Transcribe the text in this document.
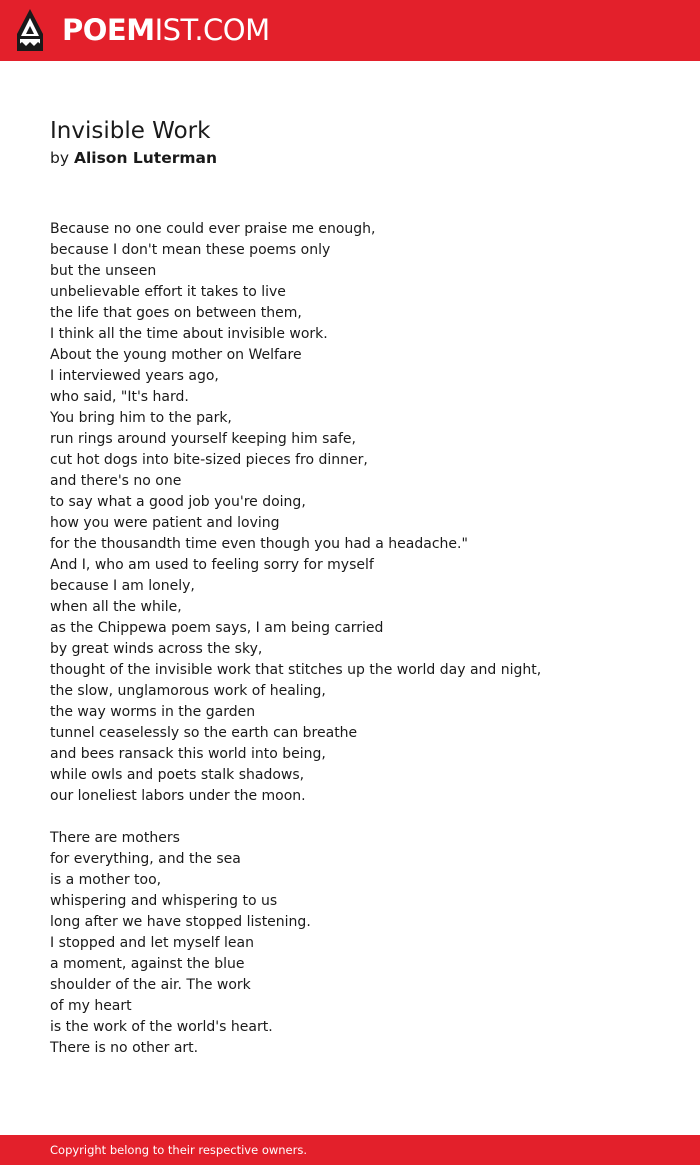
POEMIST.COM
Invisible Work
by Alison Luterman
Because no one could ever praise me enough,
because I don't mean these poems only
but the unseen
unbelievable effort it takes to live
the life that goes on between them,
I think all the time about invisible work.
About the young mother on Welfare
I interviewed years ago,
who said, "It's hard.
You bring him to the park,
run rings around yourself keeping him safe,
cut hot dogs into bite-sized pieces fro dinner,
and there's no one
to say what a good job you're doing,
how you were patient and loving
for the thousandth time even though you had a headache."
And I, who am used to feeling sorry for myself
because I am lonely,
when all the while,
as the Chippewa poem says, I am being carried
by great winds across the sky,
thought of the invisible work that stitches up the world day and night,
the slow, unglamorous work of healing,
the way worms in the garden
tunnel ceaselessly so the earth can breathe
and bees ransack this world into being,
while owls and poets stalk shadows,
our loneliest labors under the moon.
There are mothers
for everything, and the sea
is a mother too,
whispering and whispering to us
long after we have stopped listening.
I stopped and let myself lean
a moment, against the blue
shoulder of the air. The work
of my heart
is the work of the world's heart.
There is no other art.
Copyright belong to their respective owners.
